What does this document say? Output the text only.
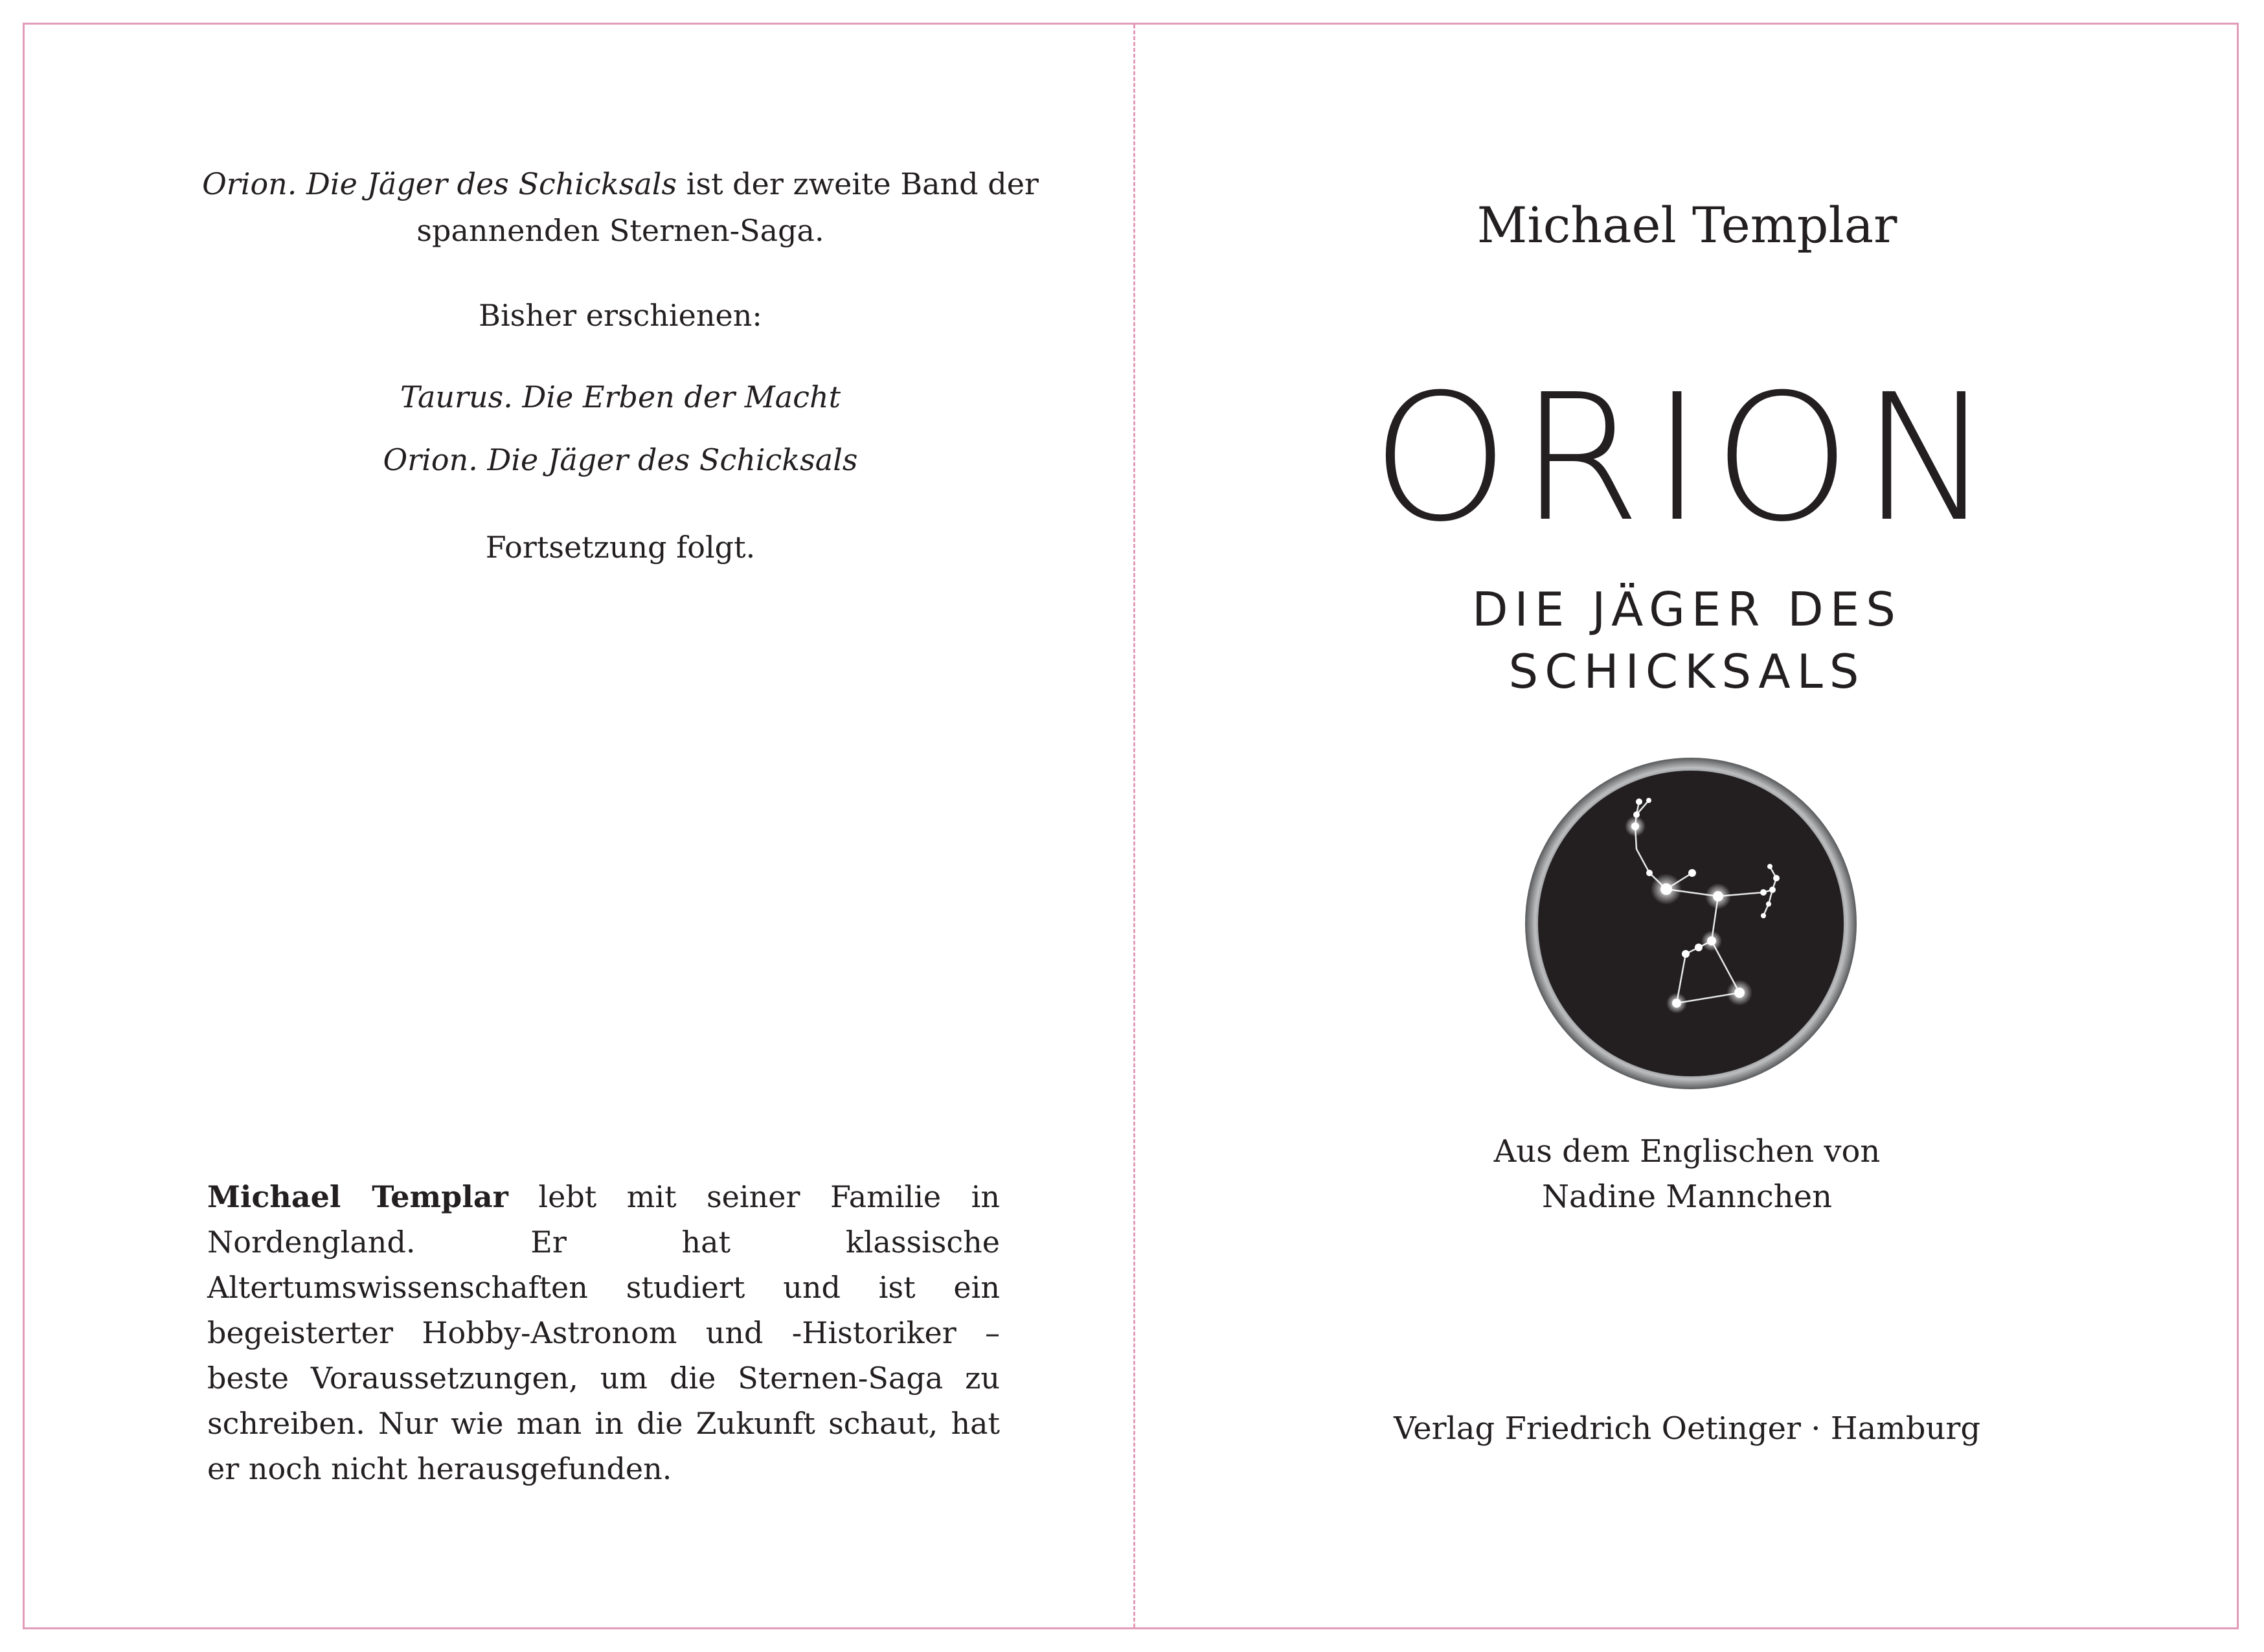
Orion. Die Jäger des Schicksals ist der zweite Band der
spannenden Sternen-Saga.
Bisher erschienen:
Taurus. Die Erben der Macht
Orion. Die Jäger des Schicksals
Fortsetzung folgt.
Michael Templar lebt mit seiner Familie in Nordengland. Er hat klassische Altertumswissenschaften studiert und ist ein begeisterter Hobby-Astronom und -Historiker – beste Voraussetzungen, um die Sternen-Saga zu schreiben. Nur wie man in die Zukunft schaut, hat er noch nicht herausgefunden.
Michael Templar
ORION
DIE JÄGER DES
SCHICKSALS
Aus dem Englischen von
Nadine Mannchen
Verlag Friedrich Oetinger · Hamburg
